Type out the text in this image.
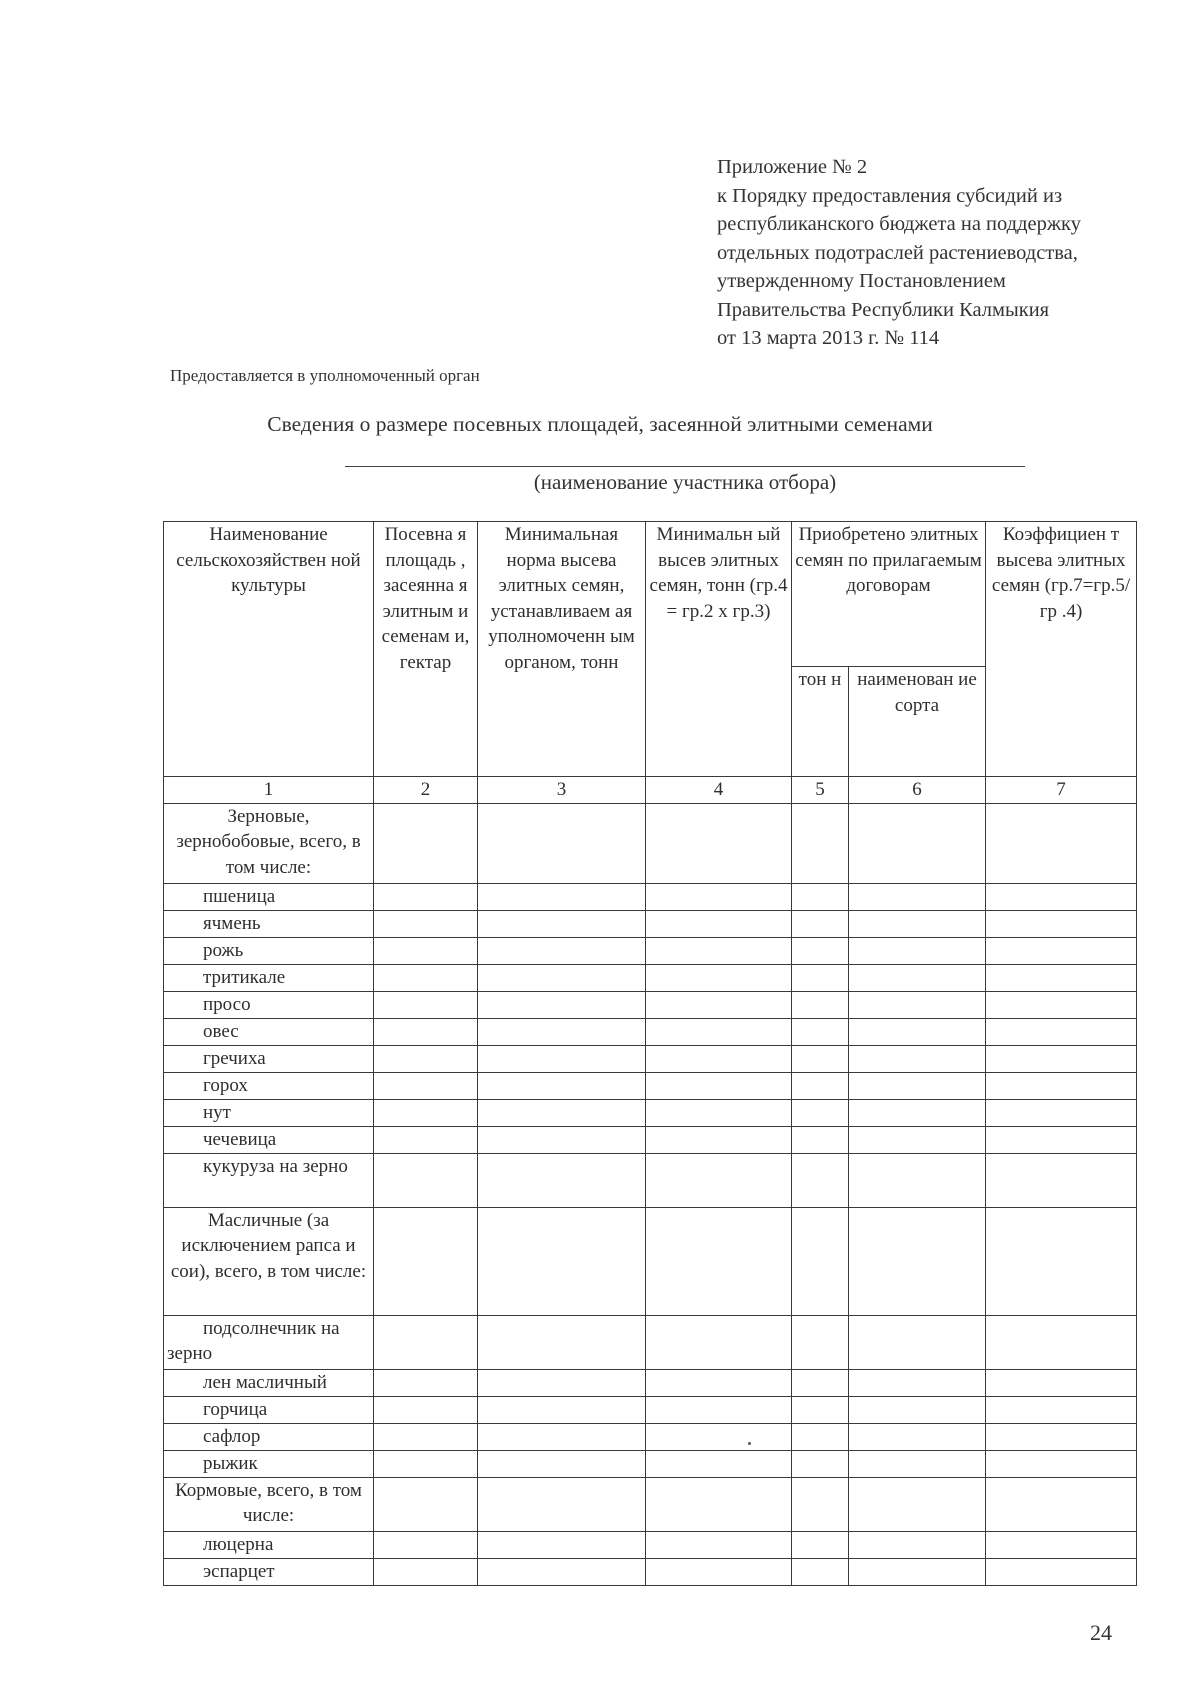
Приложение № 2
к Порядку предоставления субсидий из
республиканского бюджета на поддержку
отдельных подотраслей растениеводства,
утвержденному Постановлением
Правительства Республики Калмыкия
от 13 марта 2013 г. № 114
Предоставляется в уполномоченный орган
Сведения о размере посевных площадей, засеянной элитными семенами
(наименование участника отбора)
Наименование сельскохозяйствен ной культуры	Посевна я площадь , засеянна я элитным и семенам и, гектар	Минимальная норма высева элитных семян, устанавливаем ая уполномоченн ым органом, тонн	Минимальн ый высев элитных семян, тонн (гр.4 = гр.2 х гр.3)	Приобретено элитных семян по прилагаемым договорам		Коэффициен т высева элитных семян (гр.7=гр.5/гр .4)
				тон н	наименован ие сорта	
1	2	3	4	5	6	7
Зерновые, зернобобовые, всего, в том числе:						
пшеница						
ячмень						
рожь						
тритикале						
просо						
овес						
гречиха						
горох						
нут						
чечевица						
кукуруза на зерно						
Масличные (за исключением рапса и сои), всего, в том числе:						
подсолнечник на зерно						
лен масличный						
горчица						
сафлор						
рыжик						
Кормовые, всего, в том числе:						
люцерна						
эспарцет						
24
